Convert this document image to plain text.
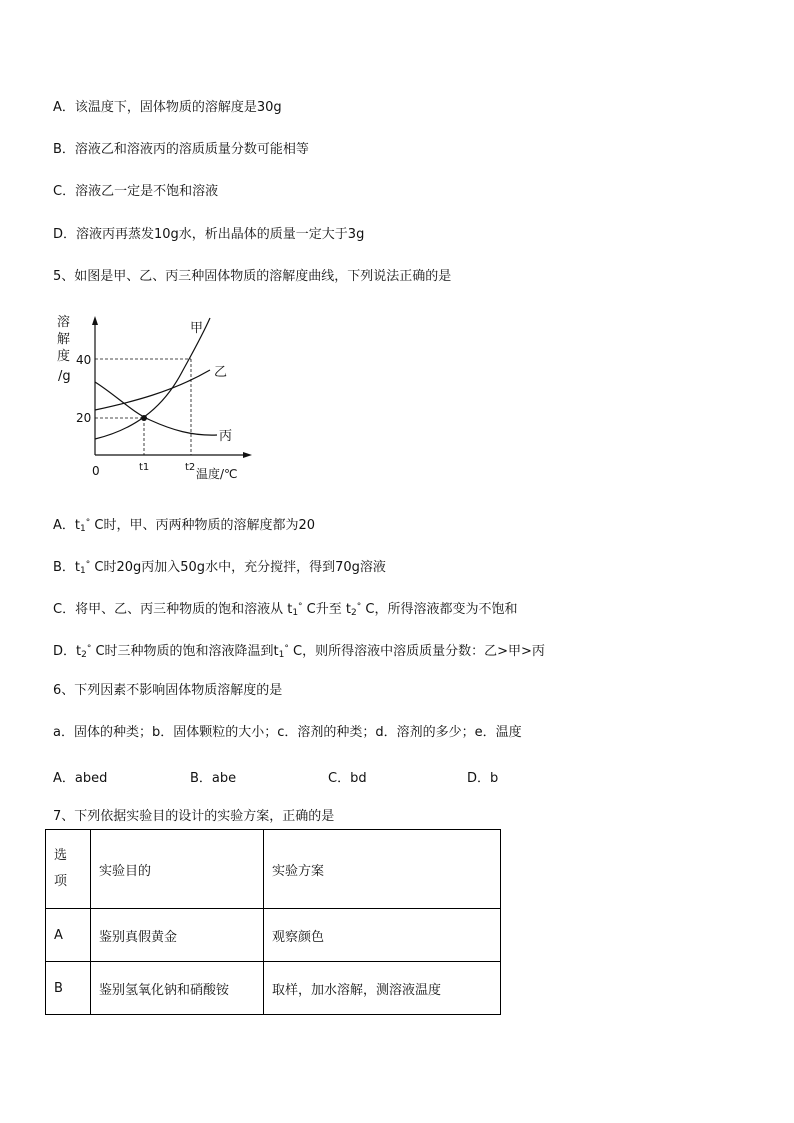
A．该温度下，固体物质的溶解度是30g
B．溶液乙和溶液丙的溶质质量分数可能相等
C．溶液乙一定是不饱和溶液
D．溶液丙再蒸发10g水，析出晶体的质量一定大于3g
5、如图是甲、乙、丙三种固体物质的溶解度曲线，下列说法正确的是
溶
解
度
/g
40
20
0
甲
乙
丙
t1	t2 温度/℃
A．$t_1^\circ$ C时，甲、丙两种物质的溶解度都为20
B．$t_1^\circ$ C时20g丙加入50g水中，充分搅拌，得到70g溶液
C．将甲、乙、丙三种物质的饱和溶液从 $t_1^\circ$ C升至 $t_2^\circ$ C，所得溶液都变为不饱和
D．$t_2^\circ$ C时三种物质的饱和溶液降温到$t_1^\circ$ C，则所得溶液中溶质质量分数：乙>甲>丙
6、下列因素不影响固体物质溶解度的是
a．固体的种类；b．固体颗粒的大小；c．溶剂的种类；d．溶剂的多少；e．温度
A．abed	B．abe	C．bd	D．b
7、下列依据实验目的设计的实验方案，正确的是
选
项	实验目的	实验方案
A	鉴别真假黄金	观察颜色
B	鉴别氢氧化钠和硝酸铵	取样，加水溶解，测溶液温度
